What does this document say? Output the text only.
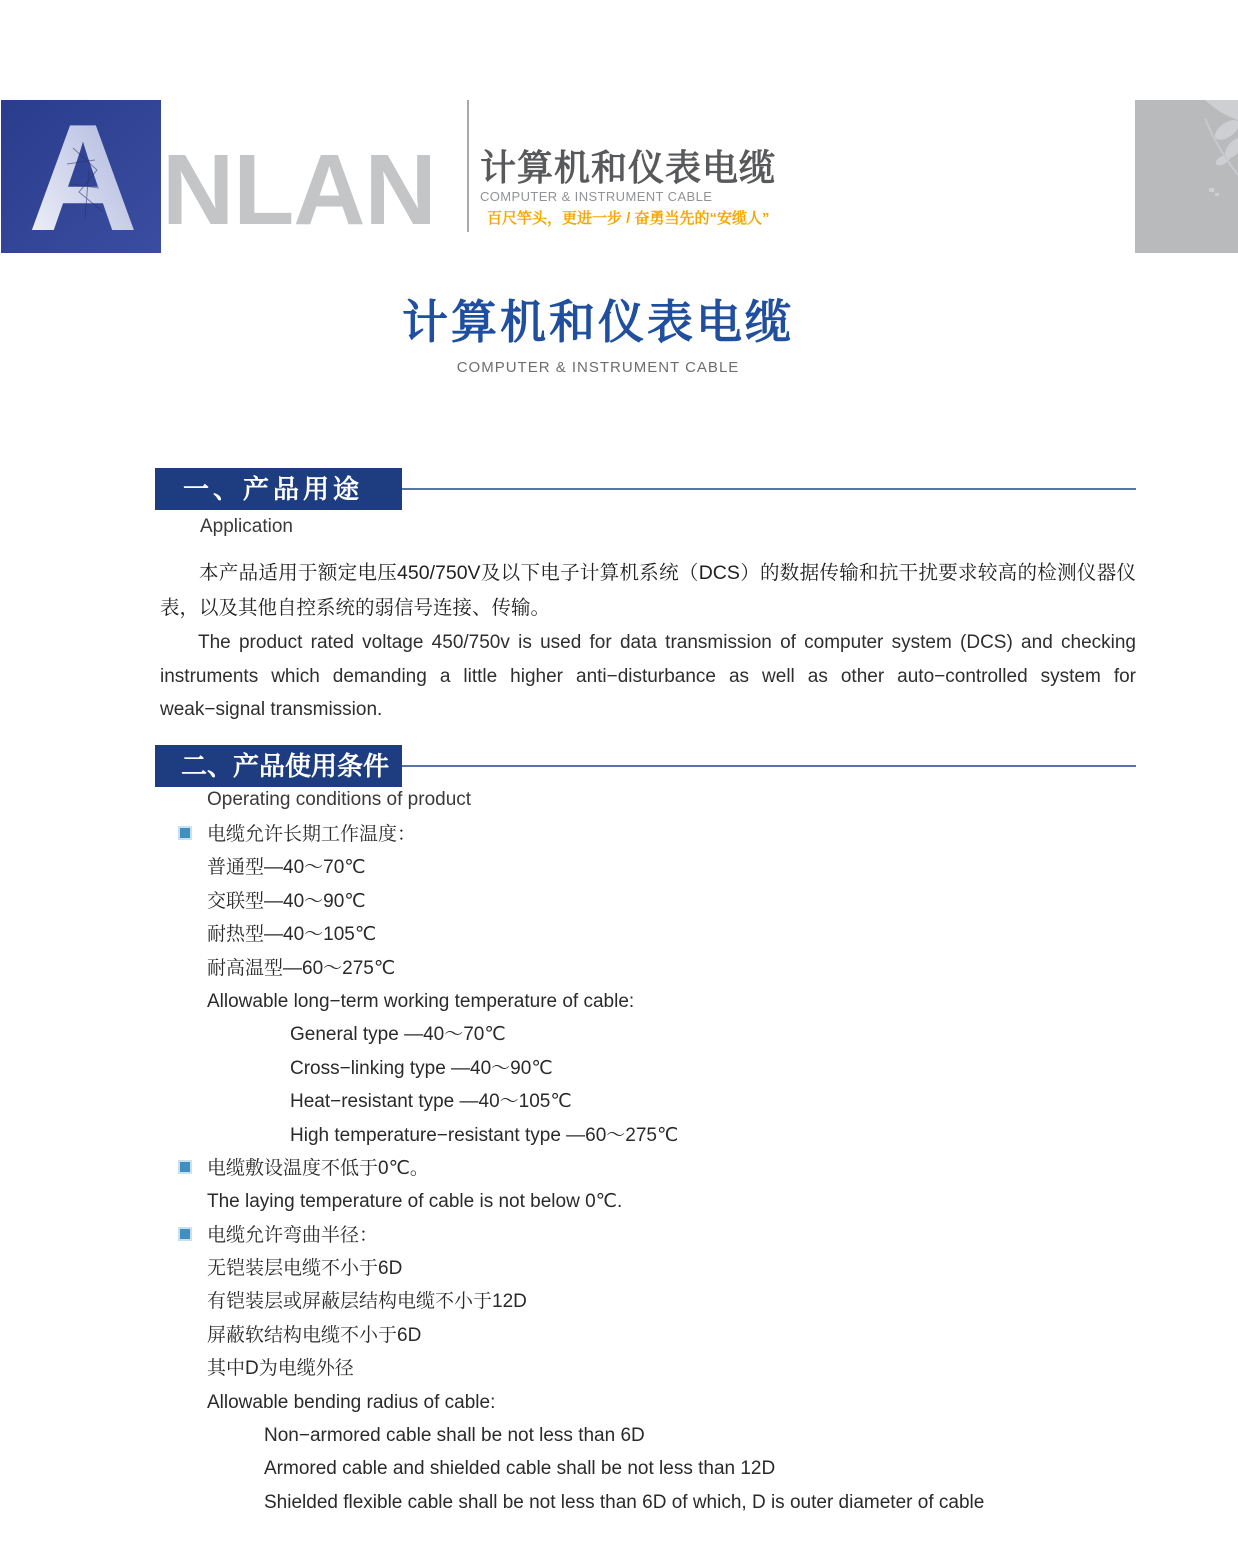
A NLAN 计算机和仪表电缆
COMPUTER & INSTRUMENT CABLE
百尺竿头，更进一步 / 奋勇当先的“安缆人”
计算机和仪表电缆
COMPUTER & INSTRUMENT CABLE
一、产品用途
Application

本产品适用于额定电压450/750V及以下电子计算机系统（DCS）的数据传输和抗干扰要求较高的检测仪器仪表，以及其他自控系统的弱信号连接、传输。

The product rated voltage 450/750v is used for data transmission of computer system (DCS) and checking instruments which demanding a little higher anti−disturbance as well as other auto−controlled system for weak−signal transmission.

二、产品使用条件
Operating conditions of product
电缆允许长期工作温度：
普通型—40～70℃
交联型—40～90℃
耐热型—40～105℃
耐高温型—60～275℃
Allowable long−term working temperature of cable:
General type —40～70℃
Cross−linking type —40～90℃
Heat−resistant type —40～105℃
High temperature−resistant type —60～275℃
电缆敷设温度不低于0℃。
The laying temperature of cable is not below 0℃.
电缆允许弯曲半径：
无铠装层电缆不小于6D
有铠装层或屏蔽层结构电缆不小于12D
屏蔽软结构电缆不小于6D
其中D为电缆外径
Allowable bending radius of cable:
Non−armored cable shall be not less than 6D
Armored cable and shielded cable shall be not less than 12D
Shielded flexible cable shall be not less than 6D of which, D is outer diameter of cable
